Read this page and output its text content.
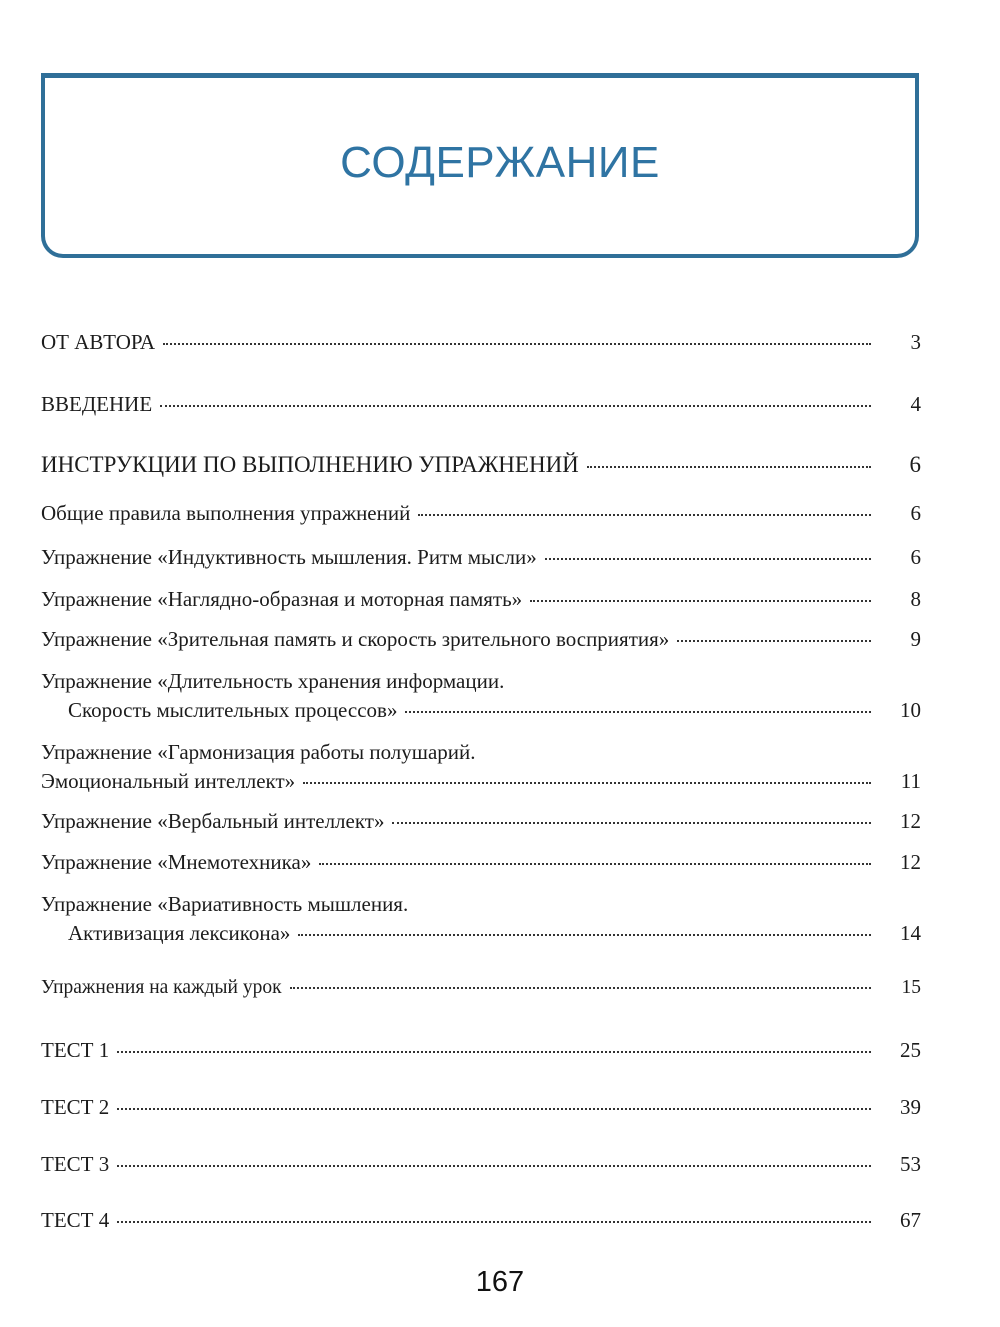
СОДЕРЖАНИЕ
ОТ АВТОРА	3
ВВЕДЕНИЕ	4
ИНСТРУКЦИИ ПО ВЫПОЛНЕНИЮ УПРАЖНЕНИЙ	6
Общие правила выполнения упражнений	6
Упражнение «Индуктивность мышления. Ритм мысли»	6
Упражнение «Наглядно-образная и моторная память»	8
Упражнение «Зрительная память и скорость зрительного восприятия»	9
Упражнение «Длительность хранения информации.
Скорость мыслительных процессов»	10
Упражнение «Гармонизация работы полушарий.
Эмоциональный интеллект»	11
Упражнение «Вербальный интеллект»	12
Упражнение «Мнемотехника»	12
Упражнение «Вариативность мышления.
Активизация лексикона»	14
Упражнения на каждый урок	15
ТЕСТ 1	25
ТЕСТ 2	39
ТЕСТ 3	53
ТЕСТ 4	67
167
